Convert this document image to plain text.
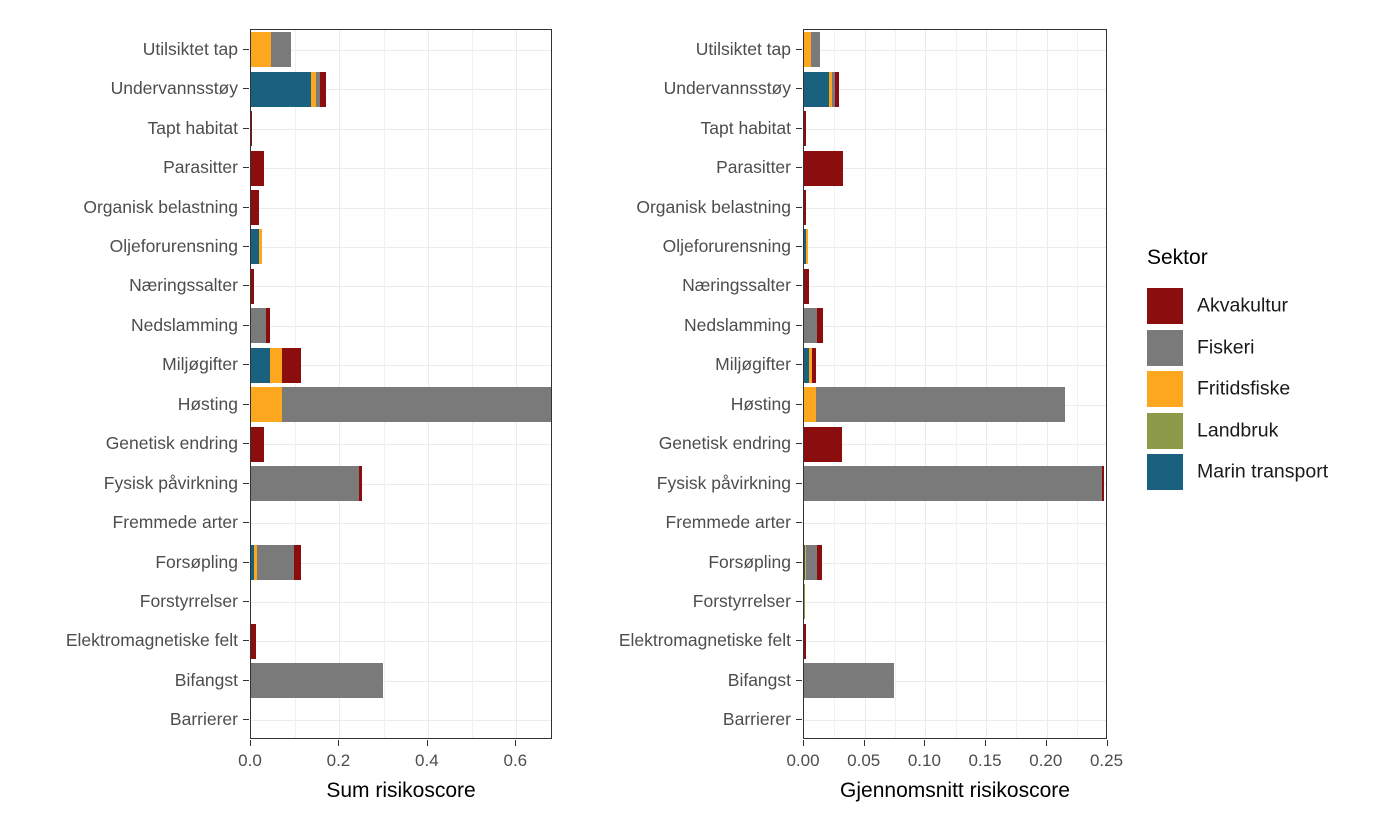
0.0	0.2	0.4	0.6
Sum risikoscore
Utilsiktet tap
Undervannsstøy
Tapt habitat
Parasitter
Organisk belastning
Oljeforurensning
Næringssalter
Nedslamming
Miljøgifter
Høsting
Genetisk endring
Fysisk påvirkning
Fremmede arter
Forsøpling
Forstyrrelser
Elektromagnetiske felt
Bifangst
Barrierer
0.00	0.05	0.10	0.15	0.20	0.25
Gjennomsnitt risikoscore
Utilsiktet tap
Undervannsstøy
Tapt habitat
Parasitter
Organisk belastning
Oljeforurensning
Næringssalter
Nedslamming
Miljøgifter
Høsting
Genetisk endring
Fysisk påvirkning
Fremmede arter
Forsøpling
Forstyrrelser
Elektromagnetiske felt
Bifangst
Barrierer
Sektor
Akvakultur
Fiskeri
Fritidsfiske
Landbruk
Marin transport
